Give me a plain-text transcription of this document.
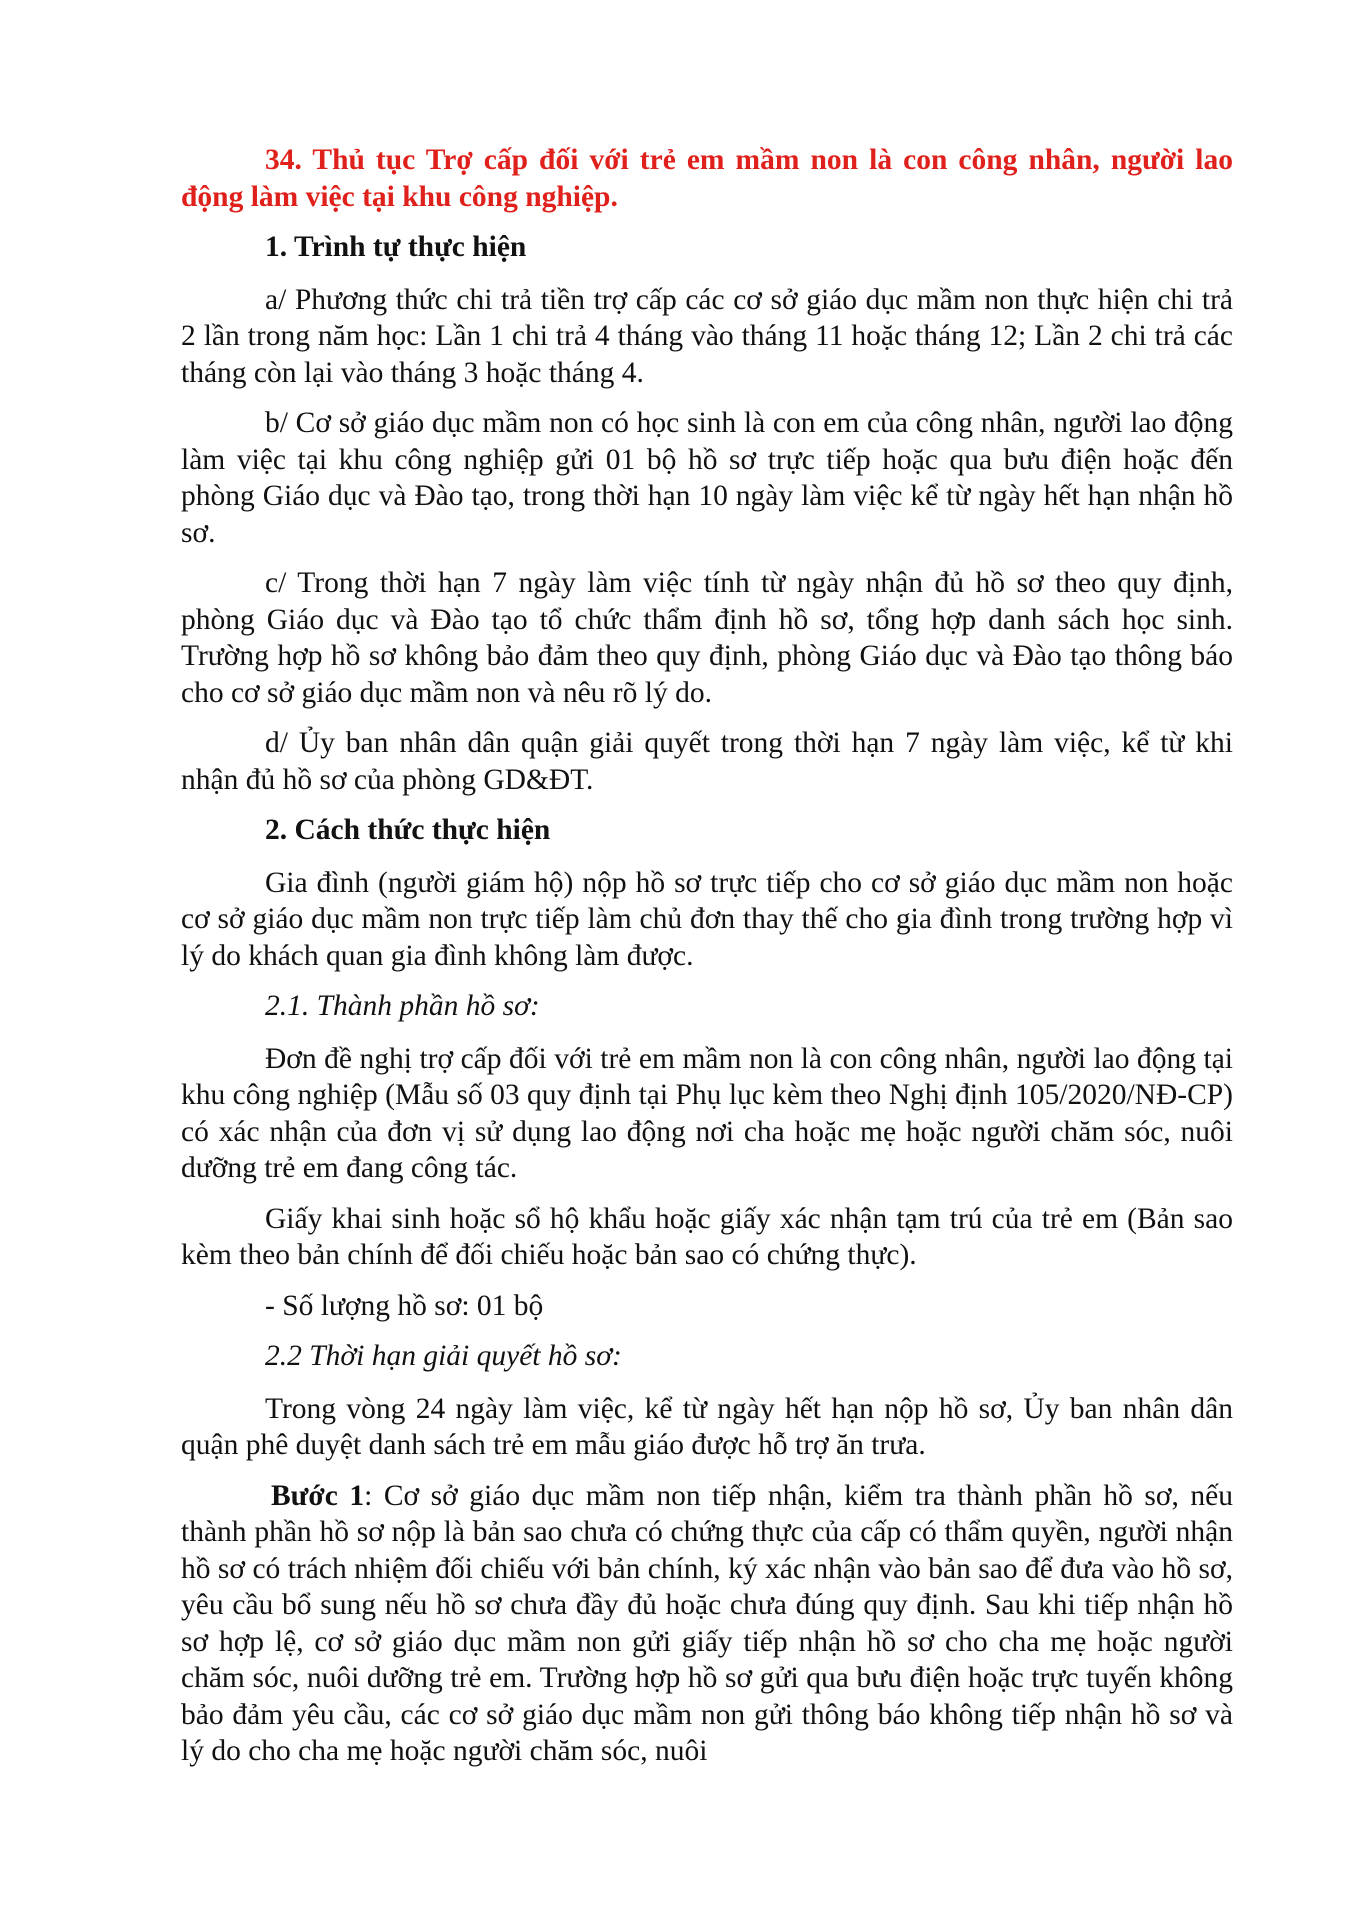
34. Thủ tục Trợ cấp đối với trẻ em mầm non là con công nhân, người lao động làm việc tại khu công nghiệp.

1. Trình tự thực hiện

a/ Phương thức chi trả tiền trợ cấp các cơ sở giáo dục mầm non thực hiện chi trả 2 lần trong năm học: Lần 1 chi trả 4 tháng vào tháng 11 hoặc tháng 12; Lần 2 chi trả các tháng còn lại vào tháng 3 hoặc tháng 4.

b/ Cơ sở giáo dục mầm non có học sinh là con em của công nhân, người lao động làm việc tại khu công nghiệp gửi 01 bộ hồ sơ trực tiếp hoặc qua bưu điện hoặc đến phòng Giáo dục và Đào tạo, trong thời hạn 10 ngày làm việc kể từ ngày hết hạn nhận hồ sơ.

c/ Trong thời hạn 7 ngày làm việc tính từ ngày nhận đủ hồ sơ theo quy định, phòng Giáo dục và Đào tạo tổ chức thẩm định hồ sơ, tổng hợp danh sách học sinh. Trường hợp hồ sơ không bảo đảm theo quy định, phòng Giáo dục và Đào tạo thông báo cho cơ sở giáo dục mầm non và nêu rõ lý do.

d/ Ủy ban nhân dân quận giải quyết trong thời hạn 7 ngày làm việc, kể từ khi nhận đủ hồ sơ của phòng GD&ĐT.

2. Cách thức thực hiện

Gia đình (người giám hộ) nộp hồ sơ trực tiếp cho cơ sở giáo dục mầm non hoặc cơ sở giáo dục mầm non trực tiếp làm chủ đơn thay thế cho gia đình trong trường hợp vì lý do khách quan gia đình không làm được.

2.1. Thành phần hồ sơ:

Đơn đề nghị trợ cấp đối với trẻ em mầm non là con công nhân, người lao động tại khu công nghiệp (Mẫu số 03 quy định tại Phụ lục kèm theo Nghị định 105/2020/NĐ-CP) có xác nhận của đơn vị sử dụng lao động nơi cha hoặc mẹ hoặc người chăm sóc, nuôi dưỡng trẻ em đang công tác.

Giấy khai sinh hoặc sổ hộ khẩu hoặc giấy xác nhận tạm trú của trẻ em (Bản sao kèm theo bản chính để đối chiếu hoặc bản sao có chứng thực).

- Số lượng hồ sơ: 01 bộ

2.2 Thời hạn giải quyết hồ sơ:

Trong vòng 24 ngày làm việc, kể từ ngày hết hạn nộp hồ sơ, Ủy ban nhân dân quận phê duyệt danh sách trẻ em mẫu giáo được hỗ trợ ăn trưa.

Bước 1: Cơ sở giáo dục mầm non tiếp nhận, kiểm tra thành phần hồ sơ, nếu thành phần hồ sơ nộp là bản sao chưa có chứng thực của cấp có thẩm quyền, người nhận hồ sơ có trách nhiệm đối chiếu với bản chính, ký xác nhận vào bản sao để đưa vào hồ sơ, yêu cầu bổ sung nếu hồ sơ chưa đầy đủ hoặc chưa đúng quy định. Sau khi tiếp nhận hồ sơ hợp lệ, cơ sở giáo dục mầm non gửi giấy tiếp nhận hồ sơ cho cha mẹ hoặc người chăm sóc, nuôi dưỡng trẻ em. Trường hợp hồ sơ gửi qua bưu điện hoặc trực tuyến không bảo đảm yêu cầu, các cơ sở giáo dục mầm non gửi thông báo không tiếp nhận hồ sơ và lý do cho cha mẹ hoặc người chăm sóc, nuôi
